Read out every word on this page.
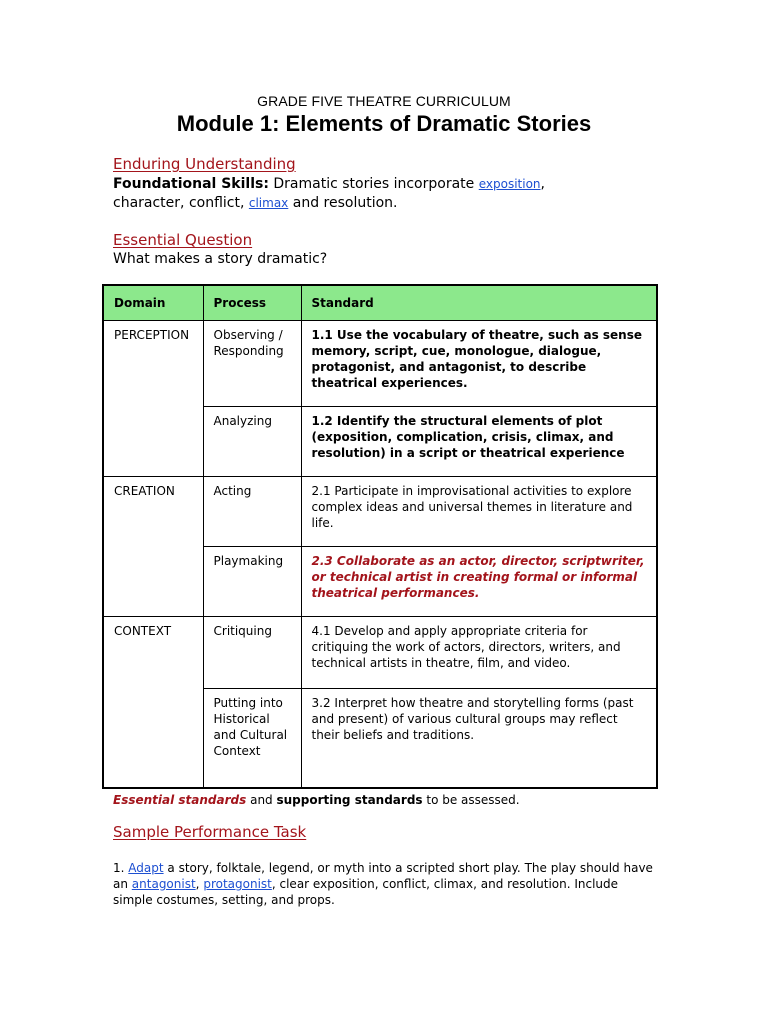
GRADE FIVE THEATRE CURRICULUM
Module 1: Elements of Dramatic Stories
Enduring Understanding
Foundational Skills: Dramatic stories incorporate exposition,
character, conflict, climax and resolution.
Essential Question
What makes a story dramatic?
Domain	Process	Standard
PERCEPTION	Observing / Responding	1.1 Use the vocabulary of theatre, such as sense memory, script, cue, monologue, dialogue, protagonist, and antagonist, to describe theatrical experiences.
	Analyzing	1.2 Identify the structural elements of plot (exposition, complication, crisis, climax, and resolution) in a script or theatrical experience
CREATION	Acting	2.1 Participate in improvisational activities to explore complex ideas and universal themes in literature and life.
	Playmaking	2.3 Collaborate as an actor, director, scriptwriter, or technical artist in creating formal or informal theatrical performances.
CONTEXT	Critiquing	4.1 Develop and apply appropriate criteria for critiquing the work of actors, directors, writers, and technical artists in theatre, film, and video.
	Putting into Historical and Cultural Context	3.2 Interpret how theatre and storytelling forms (past and present) of various cultural groups may reflect their beliefs and traditions.
Essential standards and supporting standards to be assessed.
Sample Performance Task
1. Adapt a story, folktale, legend, or myth into a scripted short play. The play should have an antagonist, protagonist, clear exposition, conflict, climax, and resolution. Include simple costumes, setting, and props.
